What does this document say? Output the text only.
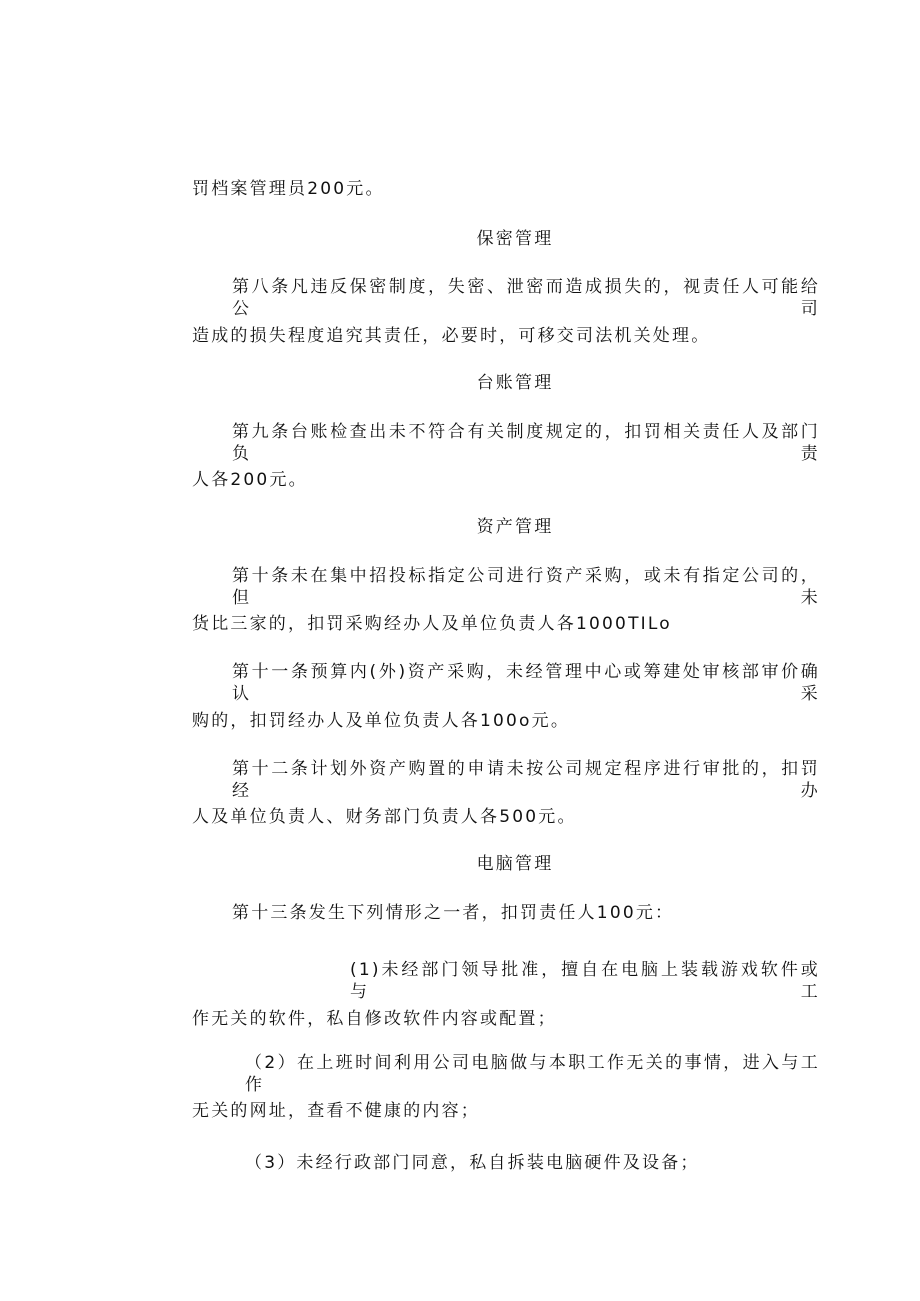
罚档案管理员200元。
保密管理
第八条凡违反保密制度，失密、泄密而造成损失的，视责任人可能给公司
造成的损失程度追究其责任，必要时，可移交司法机关处理。
台账管理
第九条台账检查出未不符合有关制度规定的，扣罚相关责任人及部门负责
人各200元。
资产管理
第十条未在集中招投标指定公司进行资产采购，或未有指定公司的，但未
货比三家的，扣罚采购经办人及单位负责人各1000TILo
第十一条预算内(外)资产采购，未经管理中心或筹建处审核部审价确认采
购的，扣罚经办人及单位负责人各100o元。
第十二条计划外资产购置的申请未按公司规定程序进行审批的，扣罚经办
人及单位负责人、财务部门负责人各500元。
电脑管理
第十三条发生下列情形之一者，扣罚责任人100元：
(1)未经部门领导批准，擅自在电脑上装载游戏软件或与工
作无关的软件，私自修改软件内容或配置；
（2）在上班时间利用公司电脑做与本职工作无关的事情，进入与工作
无关的网址，查看不健康的内容；
（3）未经行政部门同意，私自拆装电脑硬件及设备；
